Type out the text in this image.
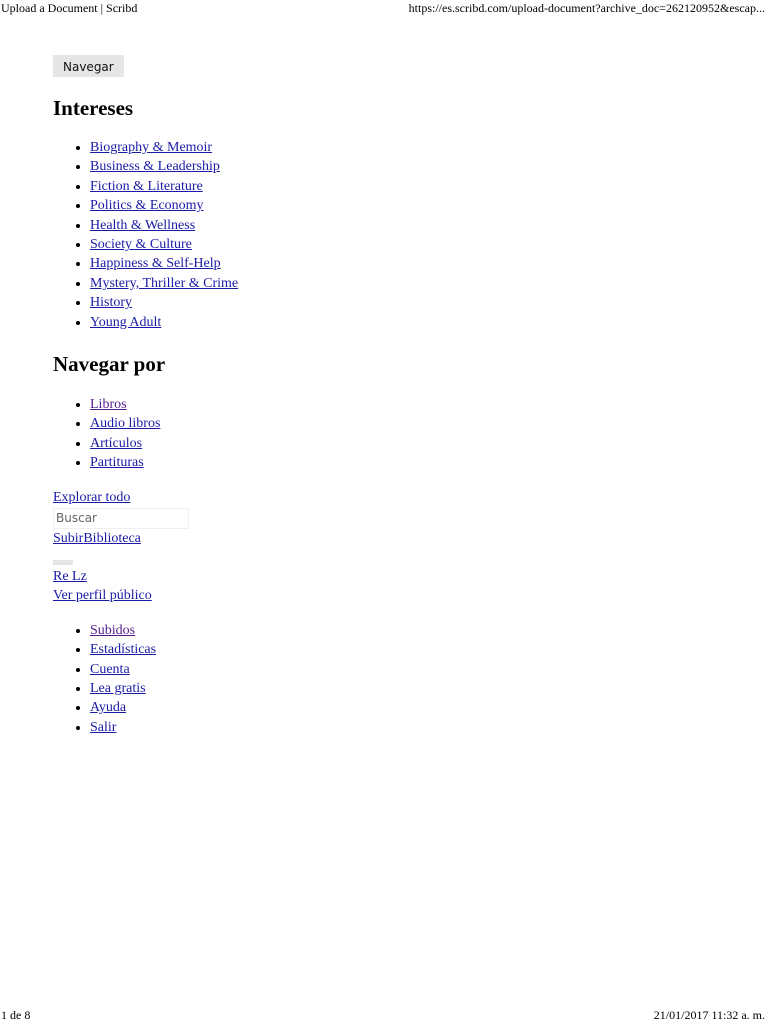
Upload a Document | Scribd	https://es.scribd.com/upload-document?archive_doc=262120952&escap...
Navegar
Intereses
• Biography & Memoir
• Business & Leadership
• Fiction & Literature
• Politics & Economy
• Health & Wellness
• Society & Culture
• Happiness & Self-Help
• Mystery, Thriller & Crime
• History
• Young Adult
Navegar por
• Libros
• Audio libros
• Artículos
• Partituras
Explorar todo
Buscar
SubirBiblioteca
Re Lz
Ver perfil público
• Subidos
• Estadísticas
• Cuenta
• Lea gratis
• Ayuda
• Salir
1 de 8	21/01/2017 11:32 a. m.
